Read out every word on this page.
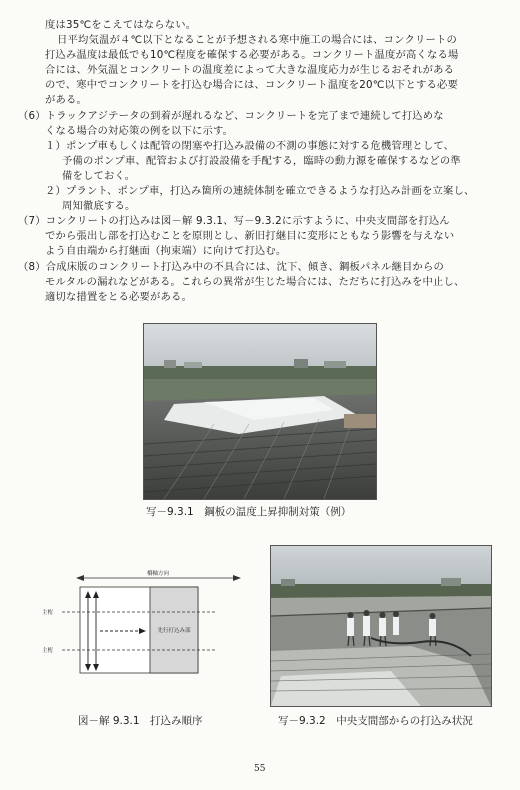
度は35℃をこえてはならない。
日平均気温が４℃以下となることが予想される寒中施工の場合には、コンクリートの
打込み温度は最低でも10℃程度を確保する必要がある。コンクリート温度が高くなる場
合には、外気温とコンクリートの温度差によって大きな温度応力が生じるおそれがある
ので、寒中でコンクリートを打込む場合には、コンクリート温度を20℃以下とする必要
がある。
（6）トラックアジテータの到着が遅れるなど、コンクリートを完了まで連続して打込めな
くなる場合の対応策の例を以下に示す。
１）ポンプ車もしくは配管の閉塞や打込み設備の不測の事態に対する危機管理として、
予備のポンプ車、配管および打設設備を手配する，臨時の動力源を確保するなどの準
備をしておく。
２）プラント、ポンプ車，打込み箇所の連続体制を確立できるような打込み計画を立案し、
周知徹底する。
（7）コンクリートの打込みは図－解 9.3.1、写－9.3.2に示すように、中央支間部を打込ん
でから張出し部を打込むことを原則とし、新旧打継目に変形にともなう影響を与えない
よう自由端から打継面（拘束端）に向けて打込む。
（8）合成床版のコンクリート打込み中の不具合には、沈下、傾き、鋼板パネル継目からの
モルタルの漏れなどがある。これらの異常が生じた場合には、ただちに打込みを中止し、
適切な措置をとる必要がある。
写－9.3.1　鋼板の温度上昇抑制対策（例）
橋軸方向
主桁
主桁
先行打込み部
図－解 9.3.1　打込み順序	写－9.3.2　中央支間部からの打込み状況
55
